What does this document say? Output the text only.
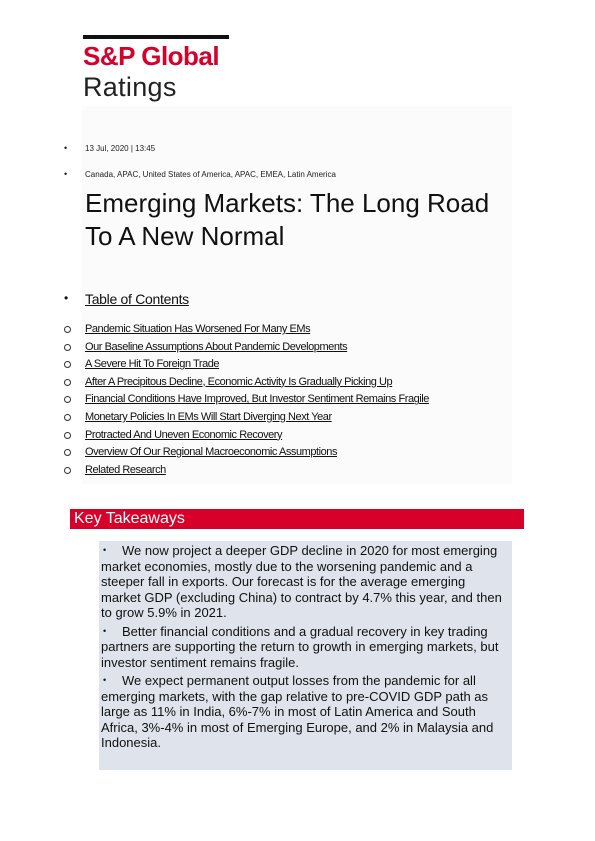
S&P Global
Ratings
• 13 Jul, 2020 | 13:45
• Canada, APAC, United States of America, APAC, EMEA, Latin America
Emerging Markets: The Long Road To A New Normal
• Table of Contents
Pandemic Situation Has Worsened For Many EMs
Our Baseline Assumptions About Pandemic Developments
A Severe Hit To Foreign Trade
After A Precipitous Decline, Economic Activity Is Gradually Picking Up
Financial Conditions Have Improved, But Investor Sentiment Remains Fragile
Monetary Policies In EMs Will Start Diverging Next Year
Protracted And Uneven Economic Recovery
Overview Of Our Regional Macroeconomic Assumptions
Related Research
Key Takeaways
• We now project a deeper GDP decline in 2020 for most emerging market economies, mostly due to the worsening pandemic and a steeper fall in exports. Our forecast is for the average emerging market GDP (excluding China) to contract by 4.7% this year, and then to grow 5.9% in 2021.
• Better financial conditions and a gradual recovery in key trading partners are supporting the return to growth in emerging markets, but investor sentiment remains fragile.
• We expect permanent output losses from the pandemic for all emerging markets, with the gap relative to pre-COVID GDP path as large as 11% in India, 6%-7% in most of Latin America and South Africa, 3%-4% in most of Emerging Europe, and 2% in Malaysia and Indonesia.
